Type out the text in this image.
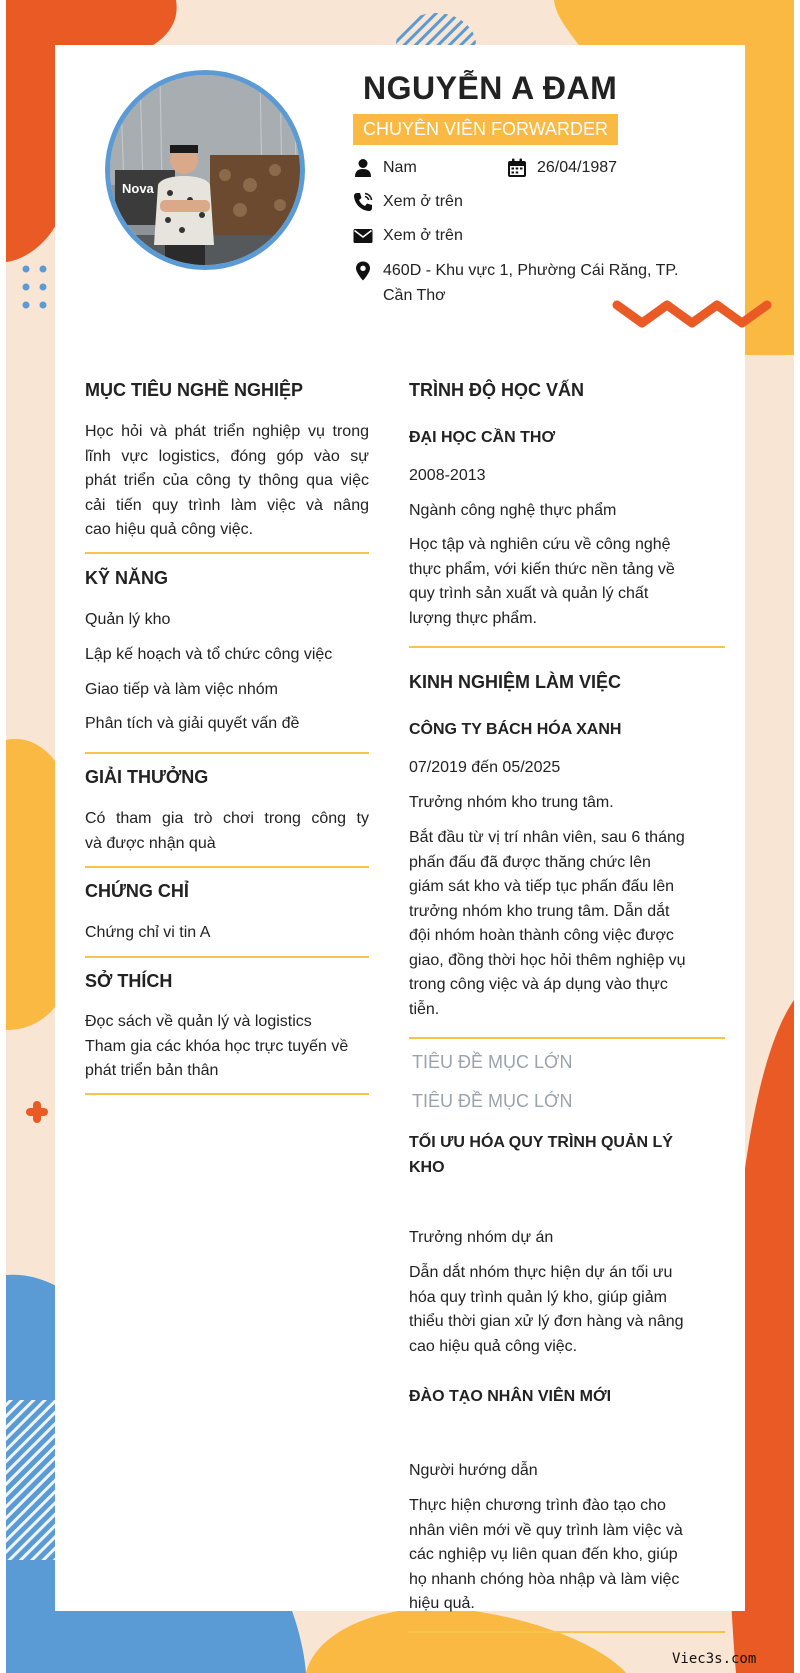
Nova
NGUYỄN A ĐAM
CHUYÊN VIÊN FORWARDER
Nam	26/04/1987
Xem ở trên
Xem ở trên
460D - Khu vực 1, Phường Cái Răng, TP.
Cần Thơ
MỤC TIÊU NGHỀ NGHIỆP
Học hỏi và phát triển nghiệp vụ trong
lĩnh vực logistics, đóng góp vào sự
phát triển của công ty thông qua việc
cải tiến quy trình làm việc và nâng
cao hiệu quả công việc.
KỸ NĂNG
Quản lý kho
Lập kế hoạch và tổ chức công việc
Giao tiếp và làm việc nhóm
Phân tích và giải quyết vấn đề
GIẢI THƯỞNG
Có tham gia trò chơi trong công ty
và được nhận quà
CHỨNG CHỈ
Chứng chỉ vi tin A
SỞ THÍCH
Đọc sách về quản lý và logistics
Tham gia các khóa học trực tuyến về
phát triển bản thân
TRÌNH ĐỘ HỌC VẤN
ĐẠI HỌC CẦN THƠ
2008-2013
Ngành công nghệ thực phẩm
Học tập và nghiên cứu về công nghệ
thực phẩm, với kiến thức nền tảng về
quy trình sản xuất và quản lý chất
lượng thực phẩm.
KINH NGHIỆM LÀM VIỆC
CÔNG TY BÁCH HÓA XANH
07/2019 đến 05/2025
Trưởng nhóm kho trung tâm.
Bắt đầu từ vị trí nhân viên, sau 6 tháng
phấn đấu đã được thăng chức lên
giám sát kho và tiếp tục phấn đấu lên
trưởng nhóm kho trung tâm. Dẫn dắt
đội nhóm hoàn thành công việc được
giao, đồng thời học hỏi thêm nghiệp vụ
trong công việc và áp dụng vào thực
tiễn.
TIÊU ĐỀ MỤC LỚN
TIÊU ĐỀ MỤC LỚN
TỐI ƯU HÓA QUY TRÌNH QUẢN LÝ
KHO
Trưởng nhóm dự án
Dẫn dắt nhóm thực hiện dự án tối ưu
hóa quy trình quản lý kho, giúp giảm
thiểu thời gian xử lý đơn hàng và nâng
cao hiệu quả công việc.
ĐÀO TẠO NHÂN VIÊN MỚI
Người hướng dẫn
Thực hiện chương trình đào tạo cho
nhân viên mới về quy trình làm việc và
các nghiệp vụ liên quan đến kho, giúp
họ nhanh chóng hòa nhập và làm việc
hiệu quả.
Viec3s.com
